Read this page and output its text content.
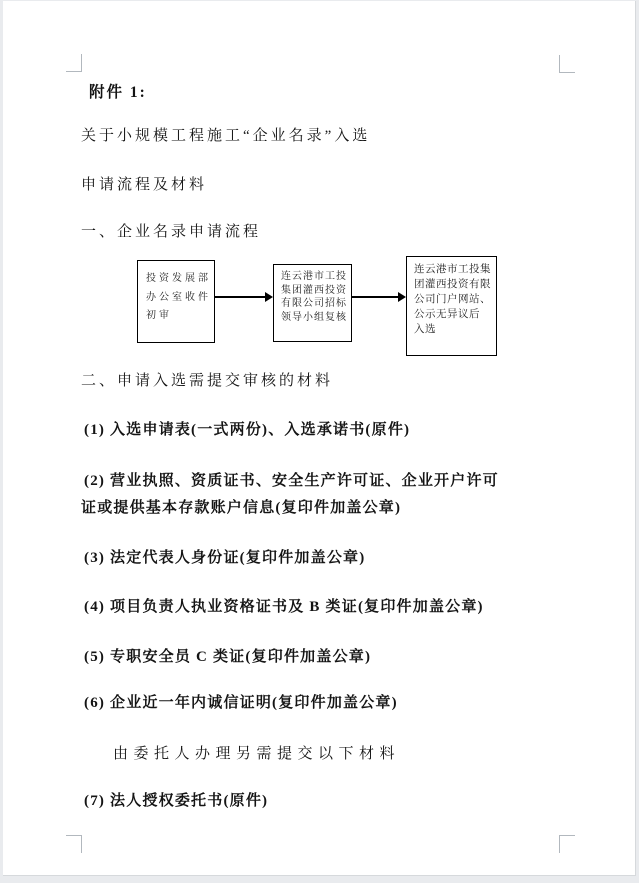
附件 1:

关于小规模工程施工“企业名录”入选

申请流程及材料

一、企业名录申请流程

投资发展部
办公室收件
初审
连云港市工投
集团灌西投资
有限公司招标
领导小组复核
连云港市工投集
团灌西投资有限
公司门户网站、
公示无异议后
入选

二、申请入选需提交审核的材料

(1) 入选申请表(一式两份)、入选承诺书(原件)

(2) 营业执照、资质证书、安全生产许可证、企业开户许可

证或提供基本存款账户信息(复印件加盖公章)

(3) 法定代表人身份证(复印件加盖公章)

(4) 项目负责人执业资格证书及 B 类证(复印件加盖公章)

(5) 专职安全员 C 类证(复印件加盖公章)

(6) 企业近一年内诚信证明(复印件加盖公章)

由委托人办理另需提交以下材料

(7) 法人授权委托书(原件)
